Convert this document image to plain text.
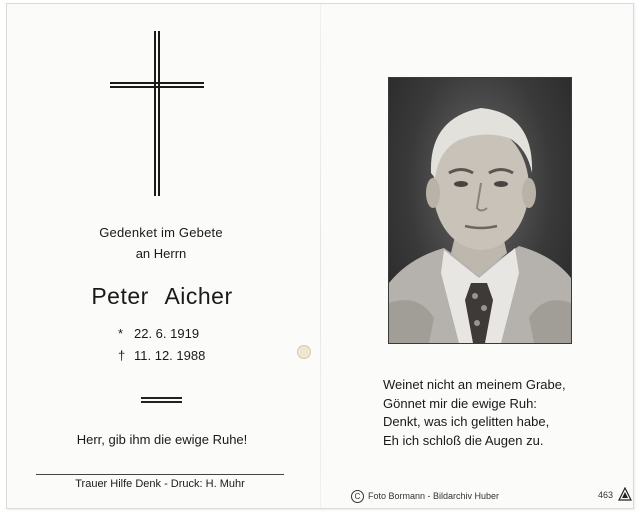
Gedenket im Gebete
an Herrn
Peter Aicher
* 22. 6. 1919
† 11. 12. 1988
Herr, gib ihm die ewige Ruhe!
Trauer Hilfe Denk - Druck: H. Muhr
Weinet nicht an meinem Grabe,
Gönnet mir die ewige Ruh:
Denkt, was ich gelitten habe,
Eh ich schloß die Augen zu.
C Foto Bormann - Bildarchiv Huber	463
